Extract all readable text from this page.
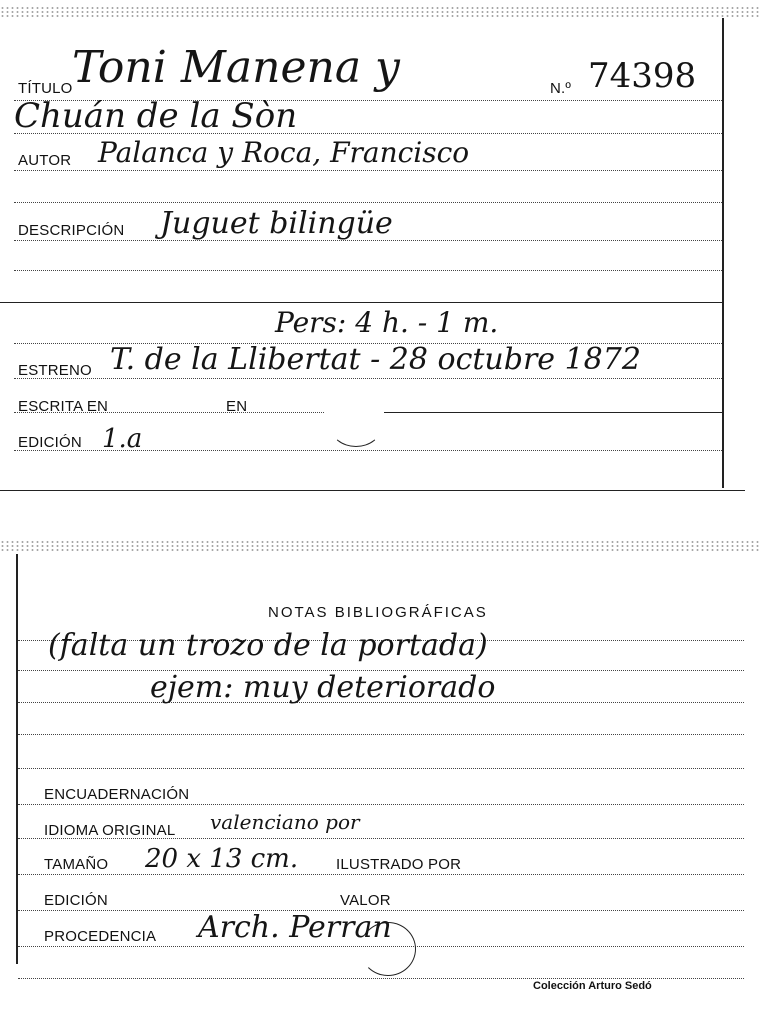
TÍTULO Toni Manena y
Chuán de la Sòn
N.º 74398
AUTOR Palanca y Roca, Francisco
DESCRIPCIÓN Juguet bilingüe
Pers: 4 h. - 1 m.
ESTRENO T. de la Llibertat - 28 octubre 1872
ESCRITA EN	EN
EDICIÓN 1.a
NOTAS BIBLIOGRÁFICAS
(falta un trozo de la portada)
ejem: muy deteriorado
ENCUADERNACIÓN
IDIOMA ORIGINAL valenciano por
TAMAÑO 20 x 13 cm.	ILUSTRADO POR
EDICIÓN	VALOR
PROCEDENCIA Arch. Perran
Colección Arturo Sedó
